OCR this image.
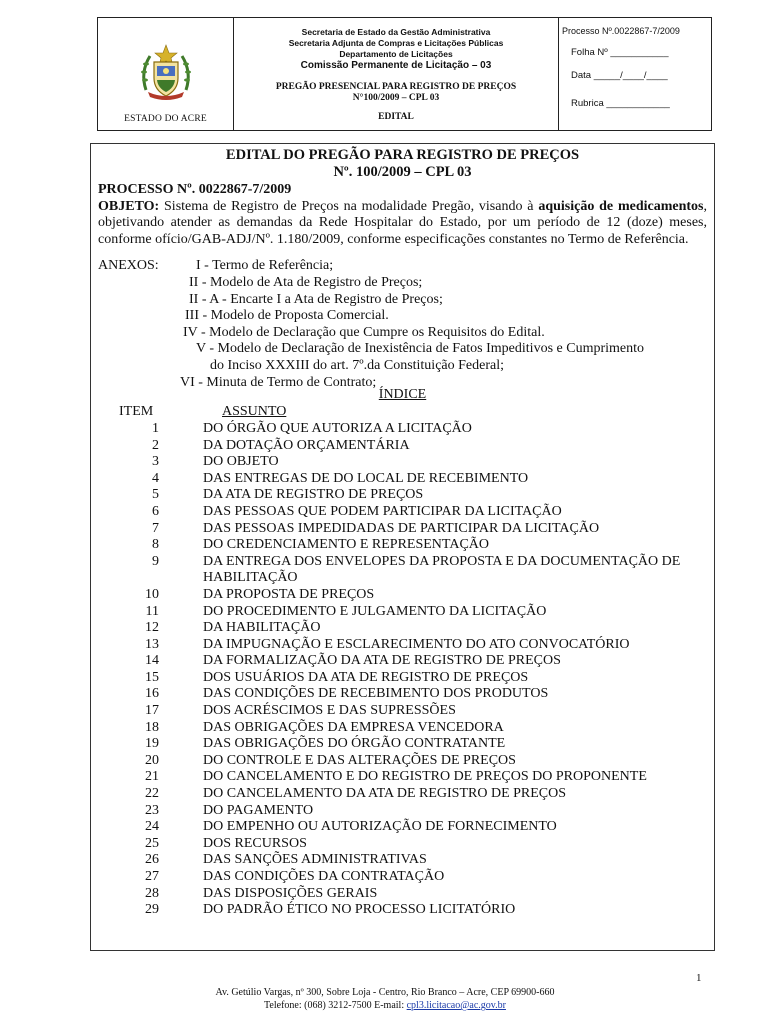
ESTADO DO ACRE
Secretaria de Estado da Gestão Administrativa
Secretaria Adjunta de Compras e Licitações Públicas
Departamento de Licitações
Comissão Permanente de Licitação – 03
PREGÃO PRESENCIAL PARA REGISTRO DE PREÇOS
N°100/2009 – CPL 03
EDITAL
Processo Nº.0022867-7/2009
Folha Nº ___________
Data _____/____/____
Rubrica ____________
EDITAL DO PREGÃO PARA REGISTRO DE PREÇOS
Nº. 100/2009 – CPL 03
PROCESSO Nº. 0022867-7/2009
OBJETO: Sistema de Registro de Preços na modalidade Pregão, visando à aquisição de medicamentos, objetivando atender as demandas da Rede Hospitalar do Estado, por um período de 12 (doze) meses, conforme ofício/GAB-ADJ/Nº. 1.180/2009, conforme especificações constantes no Termo de Referência.
ANEXOS:	I - Termo de Referência;
II - Modelo de Ata de Registro de Preços;
II - A - Encarte I a Ata de Registro de Preços;
III - Modelo de Proposta Comercial.
IV - Modelo de Declaração que Cumpre os Requisitos do Edital.
V - Modelo de Declaração de Inexistência de Fatos Impeditivos e Cumprimento
do Inciso XXXIII do art. 7º.da Constituição Federal;
VI - Minuta de Termo de Contrato;
ÍNDICE
ITEM	ASSUNTO
1	DO ÓRGÃO QUE AUTORIZA A LICITAÇÃO
2	DA DOTAÇÃO ORÇAMENTÁRIA
3	DO OBJETO
4	DAS ENTREGAS DE DO LOCAL DE RECEBIMENTO
5	DA ATA DE REGISTRO DE PREÇOS
6	DAS PESSOAS QUE PODEM PARTICIPAR DA LICITAÇÃO
7	DAS PESSOAS IMPEDIDADAS DE PARTICIPAR DA LICITAÇÃO
8	DO CREDENCIAMENTO E REPRESENTAÇÃO
9	DA ENTREGA DOS ENVELOPES DA PROPOSTA E DA DOCUMENTAÇÃO DE HABILITAÇÃO
10	DA PROPOSTA DE PREÇOS
11	DO PROCEDIMENTO E JULGAMENTO DA LICITAÇÃO
12	DA HABILITAÇÃO
13	DA IMPUGNAÇÃO E ESCLARECIMENTO DO ATO CONVOCATÓRIO
14	DA FORMALIZAÇÃO DA ATA DE REGISTRO DE PREÇOS
15	DOS USUÁRIOS DA ATA DE REGISTRO DE PREÇOS
16	DAS CONDIÇÕES DE RECEBIMENTO DOS PRODUTOS
17	DOS ACRÉSCIMOS E DAS SUPRESSÕES
18	DAS OBRIGAÇÕES DA EMPRESA VENCEDORA
19	DAS OBRIGAÇÕES DO ÓRGÃO CONTRATANTE
20	DO CONTROLE E DAS ALTERAÇÕES DE PREÇOS
21	DO CANCELAMENTO E DO REGISTRO DE PREÇOS DO PROPONENTE
22	DO CANCELAMENTO DA ATA DE REGISTRO DE PREÇOS
23	DO PAGAMENTO
24	DO EMPENHO OU AUTORIZAÇÃO DE FORNECIMENTO
25	DOS RECURSOS
26	DAS SANÇÕES ADMINISTRATIVAS
27	DAS CONDIÇÕES DA CONTRATAÇÃO
28	DAS DISPOSIÇÕES GERAIS
29	DO PADRÃO ÉTICO NO PROCESSO LICITATÓRIO
1
Av. Getúlio Vargas, nº 300, Sobre Loja - Centro, Rio Branco – Acre, CEP 69900-660
Telefone: (068) 3212-7500 E-mail: cpl3.licitacao@ac.gov.br
